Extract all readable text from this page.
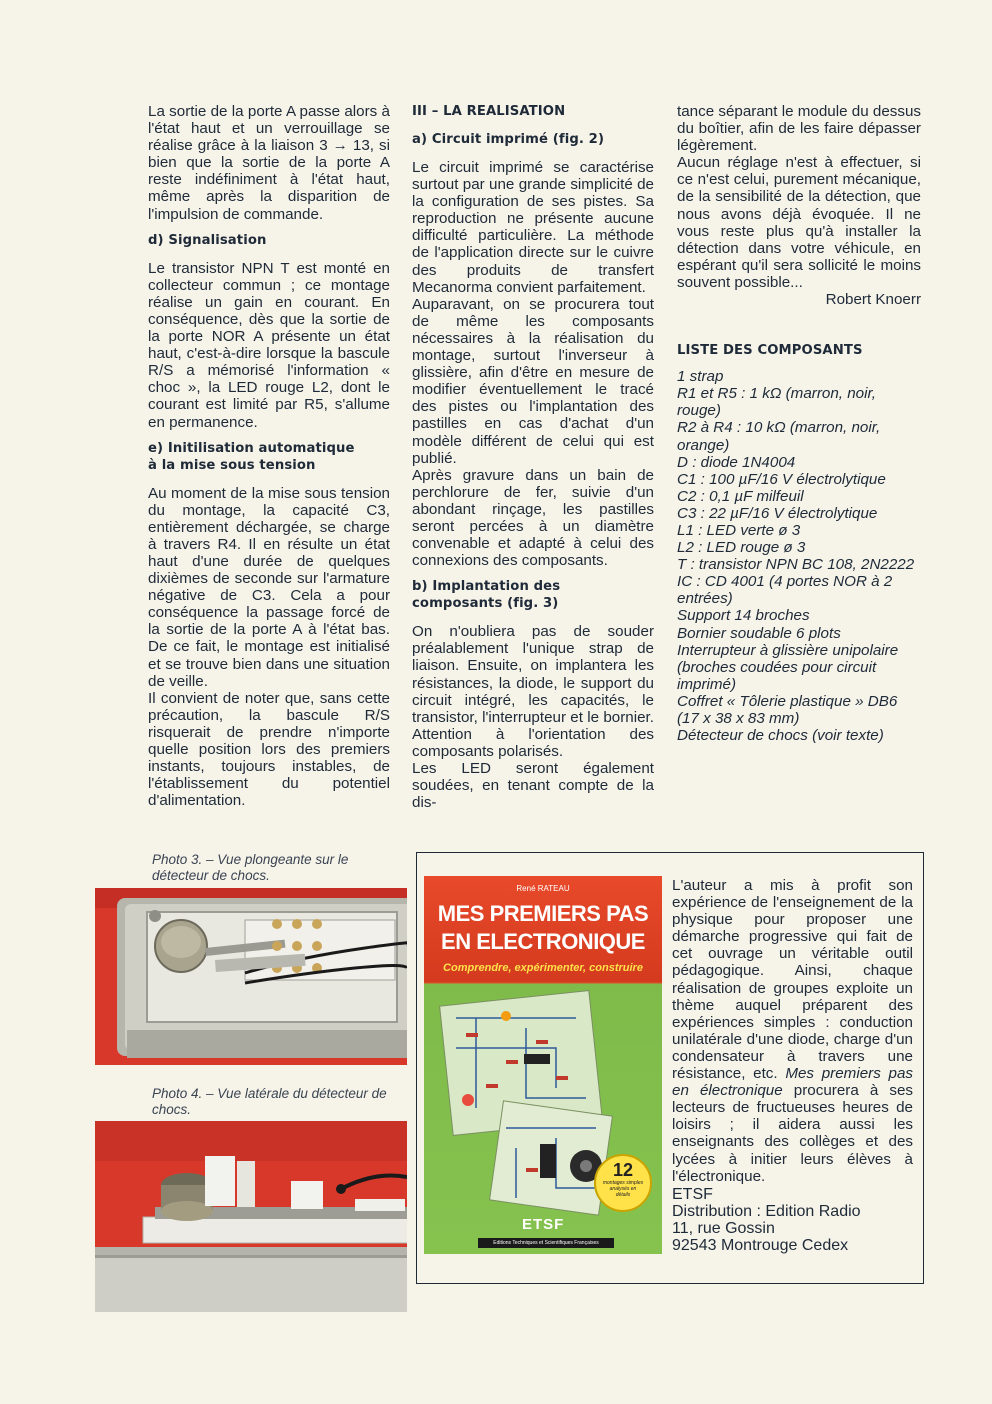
La sortie de la porte A passe alors à l'état haut et un verrouillage se réalise grâce à la liaison 3 → 13, si bien que la sortie de la porte A reste indéfiniment à l'état haut, même après la disparition de l'impulsion de commande.

d) Signalisation

Le transistor NPN T est monté en collecteur commun ; ce montage réalise un gain en courant. En conséquence, dès que la sortie de la porte NOR A présente un état haut, c'est-à-dire lorsque la bascule R/S a mémorisé l'information « choc », la LED rouge L2, dont le courant est limité par R5, s'allume en permanence.

e) Initilisation automatique
à la mise sous tension

Au moment de la mise sous tension du montage, la capacité C3, entièrement déchargée, se charge à travers R4. Il en résulte un état haut d'une durée de quelques dixièmes de seconde sur l'armature négative de C3. Cela a pour conséquence la passage forcé de la sortie de la porte A à l'état bas. De ce fait, le montage est initialisé et se trouve bien dans une situation de veille.

Il convient de noter que, sans cette précaution, la bascule R/S risquerait de prendre n'importe quelle position lors des premiers instants, toujours instables, de l'établissement du potentiel d'alimentation.

III – LA REALISATION
a) Circuit imprimé (fig. 2)

Le circuit imprimé se caractérise surtout par une grande simplicité de la configuration de ses pistes. Sa reproduction ne présente aucune difficulté particulière. La méthode de l'application directe sur le cuivre des produits de transfert Mecanorma convient parfaitement.

Auparavant, on se procurera tout de même les composants nécessaires à la réalisation du montage, surtout l'inverseur à glissière, afin d'être en mesure de modifier éventuellement le tracé des pistes ou l'implantation des pastilles en cas d'achat d'un modèle différent de celui qui est publié.

Après gravure dans un bain de perchlorure de fer, suivie d'un abondant rinçage, les pastilles seront percées à un diamètre convenable et adapté à celui des connexions des composants.

b) Implantation des
composants (fig. 3)

On n'oubliera pas de souder préalablement l'unique strap de liaison. Ensuite, on implantera les résistances, la diode, le support du circuit intégré, les capacités, le transistor, l'interrupteur et le bornier. Attention à l'orientation des composants polarisés.

Les LED seront également soudées, en tenant compte de la dis-

tance séparant le module du dessus du boîtier, afin de les faire dépasser légèrement.

Aucun réglage n'est à effectuer, si ce n'est celui, purement mécanique, de la sensibilité de la détection, que nous avons déjà évoquée. Il ne vous reste plus qu'à installer la détection dans votre véhicule, en espérant qu'il sera sollicité le moins souvent possible...

Robert Knoerr

LISTE DES COMPOSANTS
1 strap
R1 et R5 : 1 kΩ (marron, noir, rouge)
R2 à R4 : 10 kΩ (marron, noir, orange)
D : diode 1N4004
C1 : 100 µF/16 V électrolytique
C2 : 0,1 µF milfeuil
C3 : 22 µF/16 V électrolytique
L1 : LED verte ø 3
L2 : LED rouge ø 3
T : transistor NPN BC 108, 2N2222
IC : CD 4001 (4 portes NOR à 2 entrées)
Support 14 broches
Bornier soudable 6 plots
Interrupteur à glissière unipolaire (broches coudées pour circuit imprimé)
Coffret « Tôlerie plastique » DB6 (17 x 38 x 83 mm)
Détecteur de chocs (voir texte)
Photo 3. – Vue plongeante sur le détecteur de chocs.
Photo 4. – Vue latérale du détecteur de chocs.
René RATEAU
MES PREMIERS PAS
EN ELECTRONIQUE
Comprendre, expérimenter, construire
12
montages simples analysés en détails
ETSF
Editions Techniques et Scientifiques Françaises

L'auteur a mis à profit son expérience de l'enseignement de la physique pour proposer une démarche progressive qui fait de cet ouvrage un véritable outil pédagogique. Ainsi, chaque réalisation de groupes exploite un thème auquel préparent des expériences simples : conduction unilatérale d'une diode, charge d'un condensateur à travers une résistance, etc. Mes premiers pas en électronique procurera à ses lecteurs de fructueuses heures de loisirs ; il aidera aussi les enseignants des collèges et des lycées à initier leurs élèves à l'électronique.

ETSF
Distribution : Edition Radio
11, rue Gossin
92543 Montrouge Cedex
